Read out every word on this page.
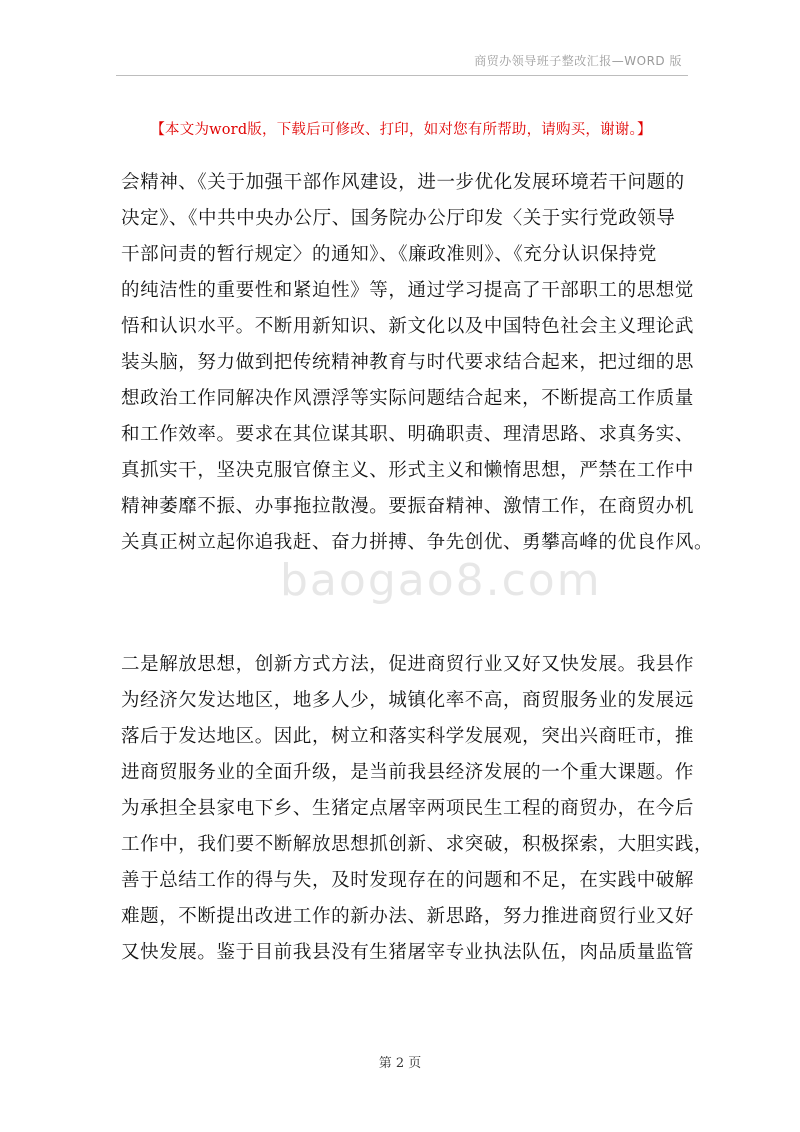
商贸办领导班子整改汇报—WORD 版
【本文为word版，下载后可修改、打印，如对您有所帮助，请购买，谢谢。】
baogao8.com

会精神、《关于加强干部作风建设，进一步优化发展环境若干问题的

决定》、《中共中央办公厅、国务院办公厅印发〈关于实行党政领导

干部问责的暂行规定〉的通知》、《廉政准则》、《充分认识保持党

的纯洁性的重要性和紧迫性》等，通过学习提高了干部职工的思想觉

悟和认识水平。不断用新知识、新文化以及中国特色社会主义理论武

装头脑，努力做到把传统精神教育与时代要求结合起来，把过细的思

想政治工作同解决作风漂浮等实际问题结合起来，不断提高工作质量

和工作效率。要求在其位谋其职、明确职责、理清思路、求真务实、

真抓实干，坚决克服官僚主义、形式主义和懒惰思想，严禁在工作中

精神萎靡不振、办事拖拉散漫。要振奋精神、激情工作，在商贸办机

关真正树立起你追我赶、奋力拼搏、争先创优、勇攀高峰的优良作风。

二是解放思想，创新方式方法，促进商贸行业又好又快发展。我县作

为经济欠发达地区，地多人少，城镇化率不高，商贸服务业的发展远

落后于发达地区。因此，树立和落实科学发展观，突出兴商旺市，推

进商贸服务业的全面升级，是当前我县经济发展的一个重大课题。作

为承担全县家电下乡、生猪定点屠宰两项民生工程的商贸办，在今后

工作中，我们要不断解放思想抓创新、求突破，积极探索，大胆实践，

善于总结工作的得与失，及时发现存在的问题和不足，在实践中破解

难题，不断提出改进工作的新办法、新思路，努力推进商贸行业又好

又快发展。鉴于目前我县没有生猪屠宰专业执法队伍，肉品质量监管

第 2 页
